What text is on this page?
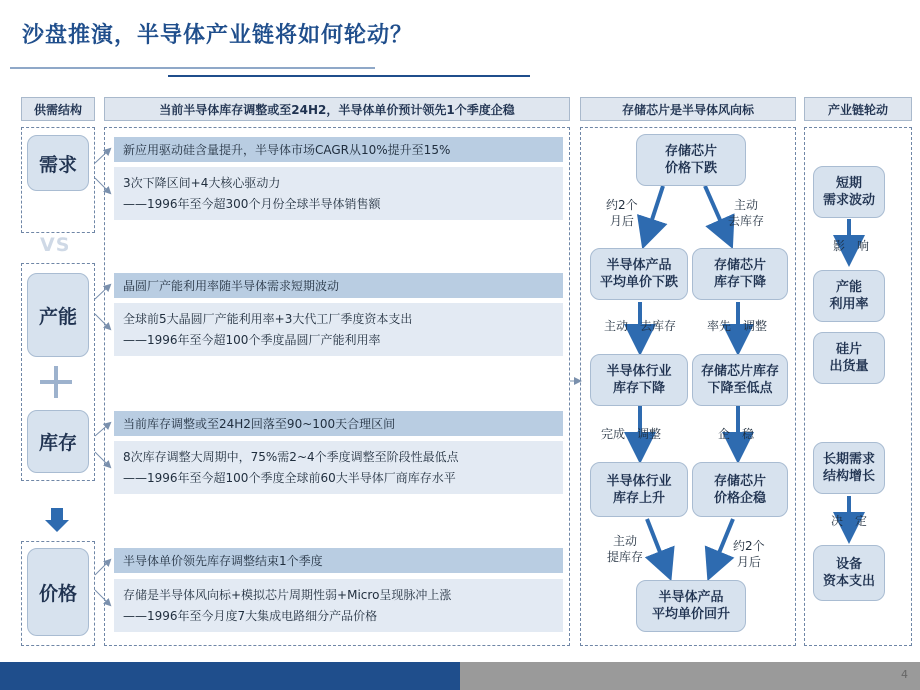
沙盘推演，半导体产业链将如何轮动？
供需结构	当前半导体库存调整或至24H2，半导体单价预计领先1个季度企稳	存储芯片是半导体风向标	产业链轮动
需求
VS
产能
库存
价格
新应用驱动硅含量提升，半导体市场CAGR从10%提升至15%
3次下降区间+4大核心驱动力
——1996年至今超300个月份全球半导体销售额
晶圆厂产能利用率随半导体需求短期波动
全球前5大晶圆厂产能利用率+3大代工厂季度资本支出
——1996年至今超100个季度晶圆厂产能利用率
当前库存调整或至24H2回落至90~100天合理区间
8次库存调整大周期中，75%需2~4个季度调整至阶段性最低点
——1996年至今超100个季度全球前60大半导体厂商库存水平
半导体单价领先库存调整结束1个季度
存储是半导体风向标+模拟芯片周期性弱+Micro呈现脉冲上涨
——1996年至今月度7大集成电路细分产品价格
存储芯片
价格下跌
半导体产品
平均单价下跌
存储芯片
库存下降
半导体行业
库存下降
存储芯片库存
下降至低点
半导体行业
库存上升
存储芯片
价格企稳
半导体产品
平均单价回升
约2个
月后
主动
去库存
主动　去库存	率先　调整
完成　调整	企　稳
主动
提库存
约2个
月后
短期
需求波动
影　响
产能
利用率
硅片
出货量
长期需求
结构增长
决　定
设备
资本支出
4
